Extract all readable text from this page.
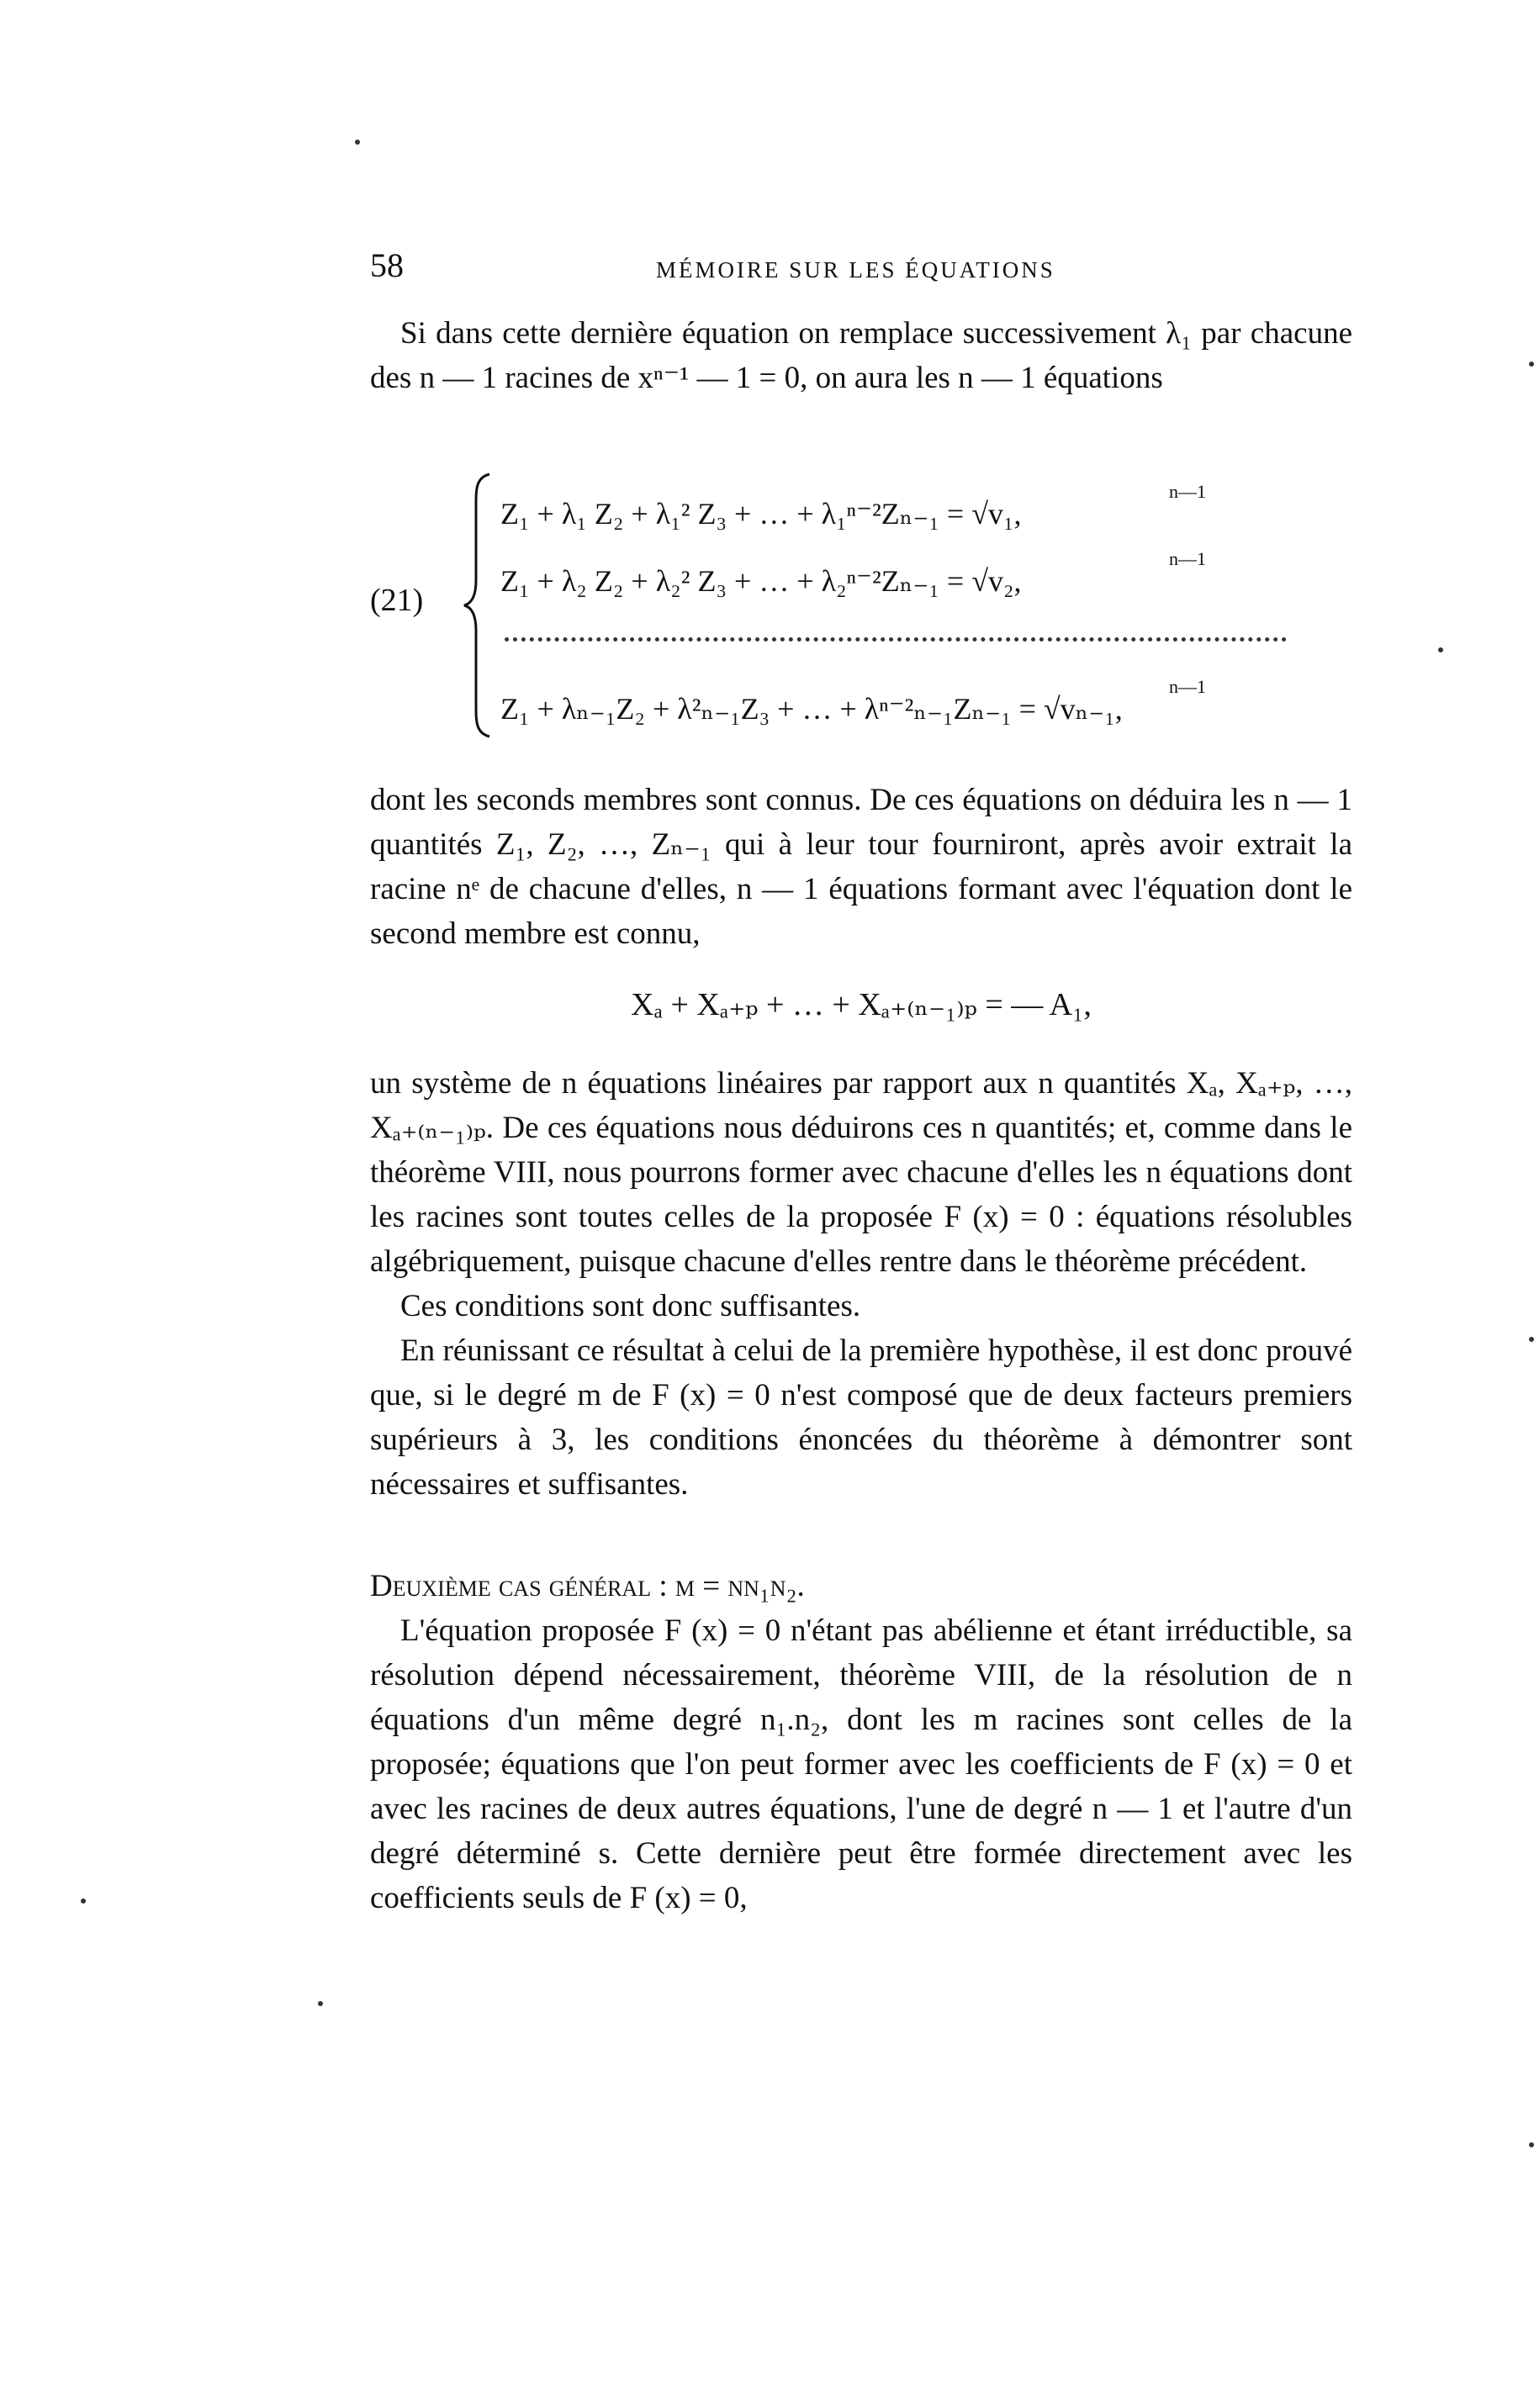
58	MÉMOIRE SUR LES ÉQUATIONS

Si dans cette dernière équation on remplace successivement λ₁ par chacune des n — 1 racines de xⁿ⁻¹ — 1 = 0, on aura les n — 1 équations

(21)
n—1
Z₁ + λ₁ Z₂ + λ₁² Z₃ + … + λ₁ⁿ⁻²Zₙ₋₁ = √v₁,
n—1
Z₁ + λ₂ Z₂ + λ₂² Z₃ + … + λ₂ⁿ⁻²Zₙ₋₁ = √v₂,
n—1
Z₁ + λₙ₋₁Z₂ + λ²ₙ₋₁Z₃ + … + λⁿ⁻²ₙ₋₁Zₙ₋₁ = √vₙ₋₁,

dont les seconds membres sont connus. De ces équations on déduira les n — 1 quantités Z₁, Z₂, …, Zₙ₋₁ qui à leur tour fourniront, après avoir extrait la racine nᵉ de chacune d'elles, n — 1 équations formant avec l'équation dont le second membre est connu,

Xₐ + Xₐ₊ₚ + … + Xₐ₊₍ₙ₋₁₎ₚ = — A₁,

un système de n équations linéaires par rapport aux n quantités Xₐ, Xₐ₊ₚ, …, Xₐ₊₍ₙ₋₁₎ₚ. De ces équations nous déduirons ces n quantités; et, comme dans le théorème VIII, nous pourrons former avec chacune d'elles les n équations dont les racines sont toutes celles de la proposée F (x) = 0 : équations résolubles algébriquement, puisque chacune d'elles rentre dans le théorème précédent.

Ces conditions sont donc suffisantes.

En réunissant ce résultat à celui de la première hypothèse, il est donc prouvé que, si le degré m de F (x) = 0 n'est composé que de deux facteurs premiers supérieurs à 3, les conditions énoncées du théorème à démontrer sont nécessaires et suffisantes.

Deuxième cas général : m = nn₁n₂.

L'équation proposée F (x) = 0 n'étant pas abélienne et étant irréductible, sa résolution dépend nécessairement, théorème VIII, de la résolution de n équations d'un même degré n₁.n₂, dont les m racines sont celles de la proposée; équations que l'on peut former avec les coefficients de F (x) = 0 et avec les racines de deux autres équations, l'une de degré n — 1 et l'autre d'un degré déterminé s. Cette dernière peut être formée directement avec les coefficients seuls de F (x) = 0,
